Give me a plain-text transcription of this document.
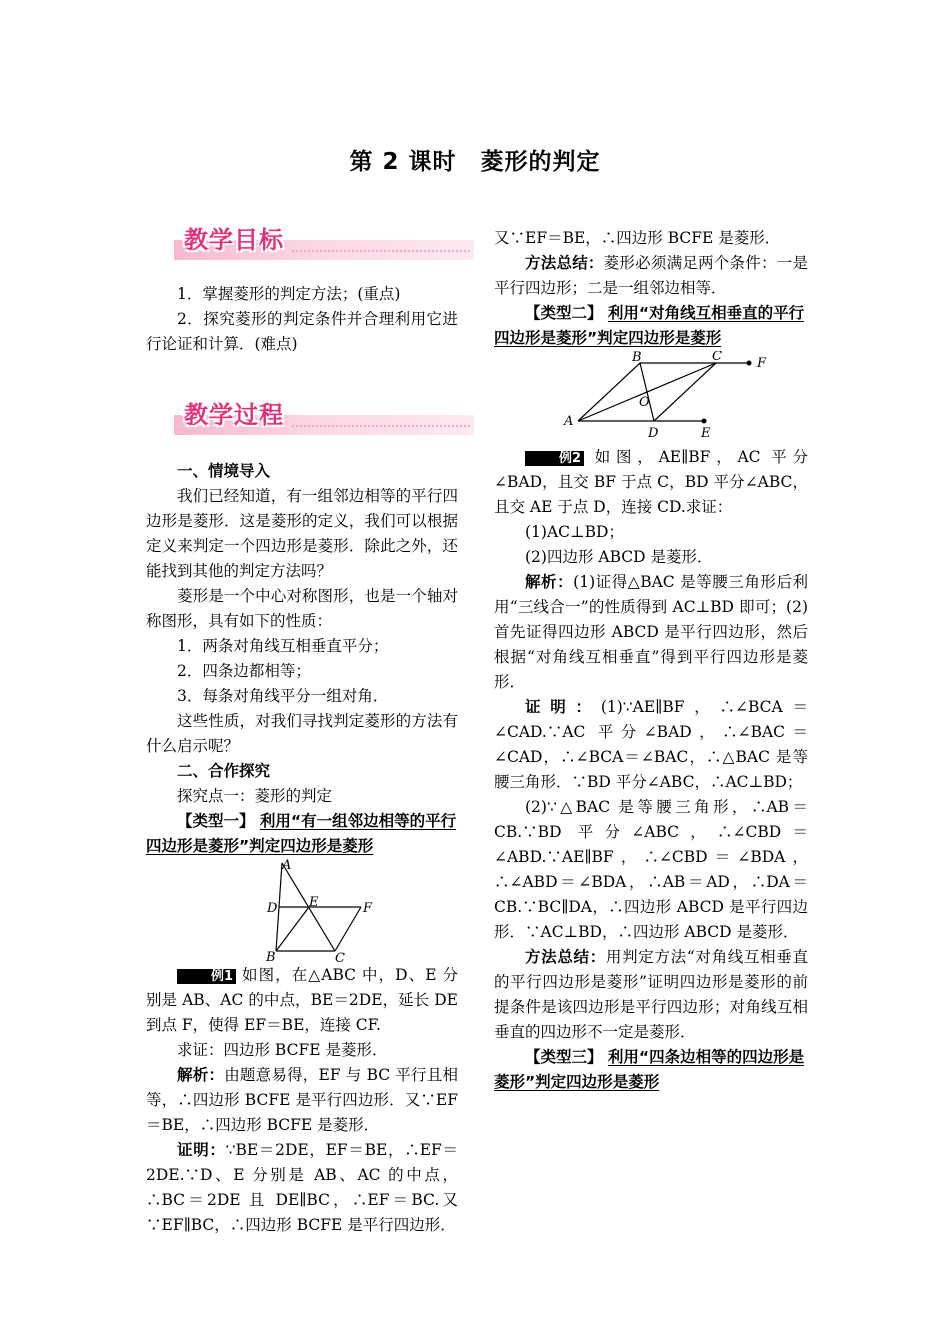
第 2 课时　菱形的判定
教学目标

1．掌握菱形的判定方法；(重点)

2．探究菱形的判定条件并合理利用它进行论证和计算．(难点)

教学过程

一、情境导入

我们已经知道，有一组邻边相等的平行四边形是菱形．这是菱形的定义，我们可以根据定义来判定一个四边形是菱形．除此之外，还能找到其他的判定方法吗？

菱形是一个中心对称图形，也是一个轴对称图形，具有如下的性质：

1．两条对角线互相垂直平分；

2．四条边都相等；

3．每条对角线平分一组对角．

这些性质，对我们寻找判定菱形的方法有什么启示呢？

二、合作探究

探究点一：菱形的判定

【类型一】 利用“有一组邻边相等的平行四边形是菱形”判定四边形是菱形

A
D E	F
B	C

例1 如图，在△ABC 中，D、E 分别是 AB、AC 的中点，BE＝2DE，延长 DE 到点 F，使得 EF＝BE，连接 CF.

求证：四边形 BCFE 是菱形．

解析：由题意易得，EF 与 BC 平行且相等，∴四边形 BCFE 是平行四边形．又∵EF＝BE，∴四边形 BCFE 是菱形．

证明：∵BE＝2DE，EF＝BE，∴EF＝2DE.∵D、E 分别是 AB、AC 的中点，∴BC＝2DE 且 DE∥BC，∴EF＝BC.又∵EF∥BC，∴四边形 BCFE 是平行四边形．

又∵EF＝BE，∴四边形 BCFE 是菱形．

方法总结：菱形必须满足两个条件：一是平行四边形；二是一组邻边相等．

【类型二】 利用“对角线互相垂直的平行四边形是菱形”判定四边形是菱形

B	C	F
O
A
D	E

例2 如图，AE∥BF，AC 平分∠BAD，且交 BF 于点 C，BD 平分∠ABC，且交 AE 于点 D，连接 CD.求证：

(1)AC⊥BD；

(2)四边形 ABCD 是菱形．

解析：(1)证得△BAC 是等腰三角形后利用“三线合一”的性质得到 AC⊥BD 即可；(2)首先证得四边形 ABCD 是平行四边形，然后根据“对角线互相垂直”得到平行四边形是菱形．

证明：(1)∵AE∥BF，∴∠BCA＝∠CAD.∵AC 平分∠BAD，∴∠BAC＝∠CAD，∴∠BCA＝∠BAC，∴△BAC 是等腰三角形．∵BD 平分∠ABC，∴AC⊥BD；

(2)∵△BAC 是等腰三角形，∴AB＝CB.∵BD 平分∠ABC，∴∠CBD＝∠ABD.∵AE∥BF，∴∠CBD＝∠BDA，∴∠ABD＝∠BDA，∴AB＝AD，∴DA＝CB.∵BC∥DA，∴四边形 ABCD 是平行四边形．∵AC⊥BD，∴四边形 ABCD 是菱形．

方法总结：用判定方法“对角线互相垂直的平行四边形是菱形”证明四边形是菱形的前提条件是该四边形是平行四边形；对角线互相垂直的四边形不一定是菱形．

【类型三】 利用“四条边相等的四边形是菱形”判定四边形是菱形
